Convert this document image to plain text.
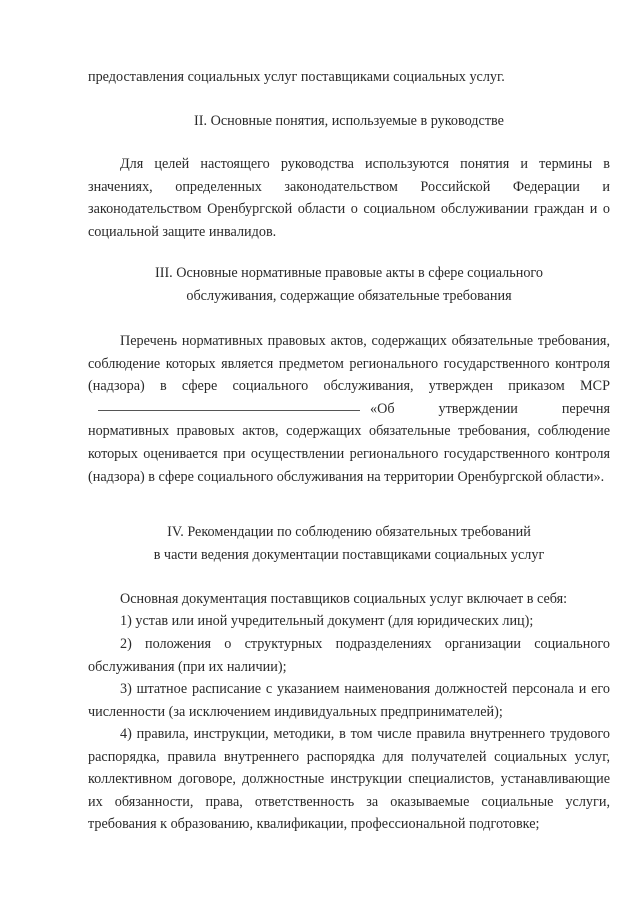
предоставления социальных услуг поставщиками социальных услуг.
II. Основные понятия, используемые в руководстве
Для целей настоящего руководства используются понятия и термины в значениях, определенных законодательством Российской Федерации и законодательством Оренбургской области о социальном обслуживании граждан и о социальной защите инвалидов.
III. Основные нормативные правовые акты в сфере социального
обслуживания, содержащие обязательные требования
Перечень нормативных правовых актов, содержащих обязательные требования, соблюдение которых является предметом регионального государственного контроля (надзора) в сфере социального обслуживания, утвержден приказом МСР«Об утверждении перечня нормативных правовых актов, содержащих обязательные требования, соблюдение которых оценивается при осуществлении регионального государственного контроля (надзора) в сфере социального обслуживания на территории Оренбургской области».
IV. Рекомендации по соблюдению обязательных требований
в части ведения документации поставщиками социальных услуг
Основная документация поставщиков социальных услуг включает в себя:
1) устав или иной учредительный документ (для юридических лиц);
2) положения о структурных подразделениях организации социального обслуживания (при их наличии);
3) штатное расписание с указанием наименования должностей персонала и его численности (за исключением индивидуальных предпринимателей);
4) правила, инструкции, методики, в том числе правила внутреннего трудового распорядка, правила внутреннего распорядка для получателей социальных услуг, коллективном договоре, должностные инструкции специалистов, устанавливающие их обязанности, права, ответственность за оказываемые социальные услуги, требования к образованию, квалификации, профессиональной подготовке;
